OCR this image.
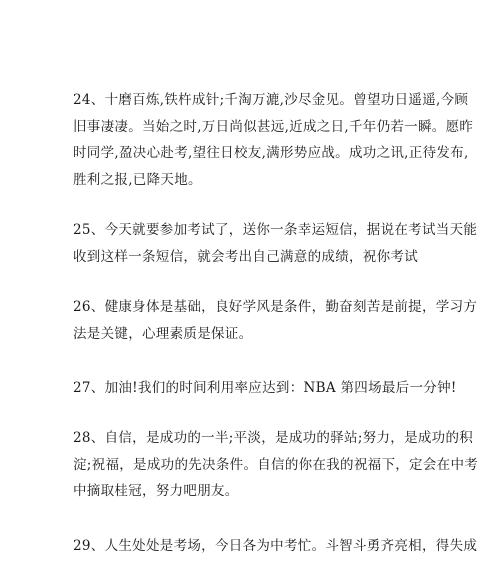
24、十磨百炼,铁杵成针;千淘万漉,沙尽金见。曾望功日遥遥,今顾
旧事凄凄。当始之时,万日尚似甚远,近成之日,千年仍若一瞬。愿昨
时同学,盈决心赴考,望往日校友,满形势应战。成功之讯,正待发布,
胜利之报,已降天地。

25、今天就要参加考试了，送你一条幸运短信，据说在考试当天能
收到这样一条短信，就会考出自己满意的成绩，祝你考试

26、健康身体是基础，良好学风是条件，勤奋刻苦是前提，学习方
法是关键，心理素质是保证。

27、加油!我们的时间利用率应达到：NBA 第四场最后一分钟!

28、自信，是成功的一半;平淡，是成功的驿站;努力，是成功的积
淀;祝福，是成功的先决条件。自信的你在我的祝福下，定会在中考
中摘取桂冠，努力吧朋友。

29、人生处处是考场，今日各为中考忙。斗智斗勇齐亮相，得失成
